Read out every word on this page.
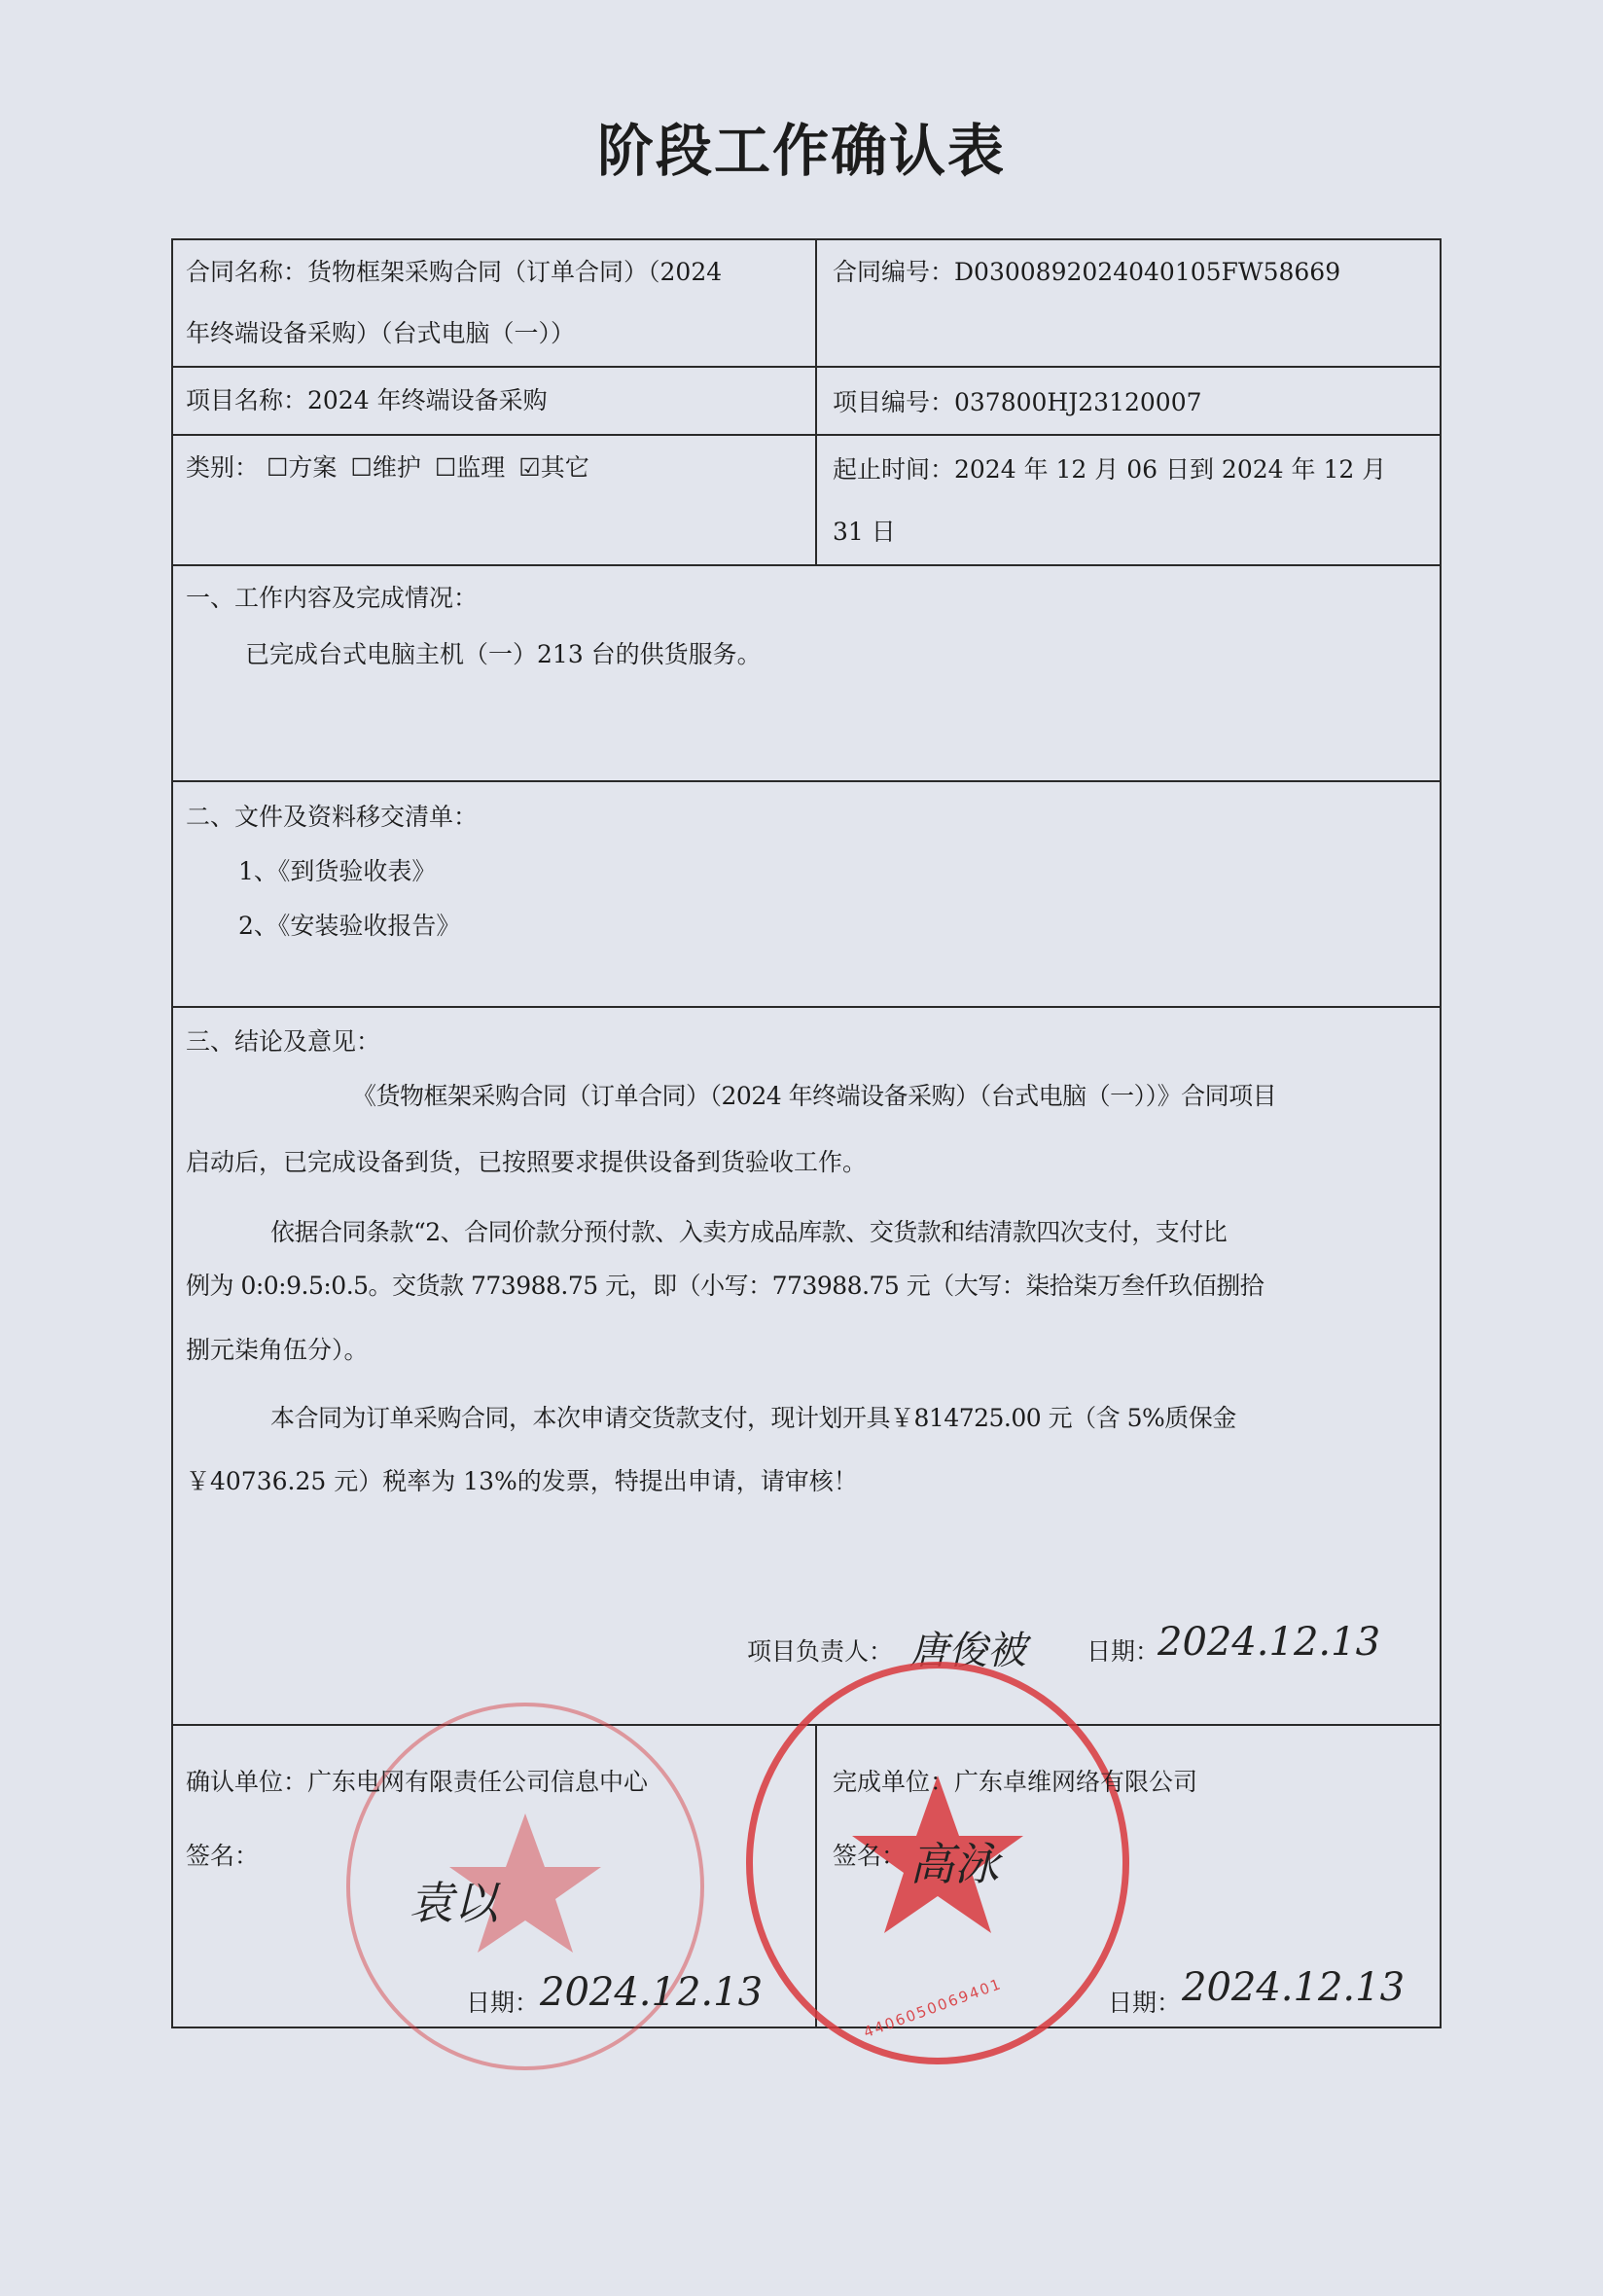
阶段工作确认表
合同名称：货物框架采购合同（订单合同）（2024
年终端设备采购）（台式电脑（一））
合同编号：D0300892024040105FW58669
项目名称：2024 年终端设备采购	项目编号：037800HJ23120007
类别： ☐方案 ☐维护 ☐监理 ☑其它	起止时间：2024 年 12 月 06 日到 2024 年 12 月
31 日
一、工作内容及完成情况：
已完成台式电脑主机（一）213 台的供货服务。
二、文件及资料移交清单：
1、《到货验收表》
2、《安装验收报告》
三、结论及意见：
《货物框架采购合同（订单合同）（2024 年终端设备采购）（台式电脑（一））》合同项目
启动后，已完成设备到货，已按照要求提供设备到货验收工作。
依据合同条款“2、合同价款分预付款、入卖方成品库款、交货款和结清款四次支付，支付比
例为 0:0:9.5:0.5。交货款 773988.75 元，即（小写：773988.75 元（大写：柒拾柒万叁仟玖佰捌拾
捌元柒角伍分）。
本合同为订单采购合同，本次申请交货款支付，现计划开具￥814725.00 元（含 5%质保金
￥40736.25 元）税率为 13%的发票，特提出申请，请审核！
项目负责人： 唐俊被 日期：
2024.12.13
4406050069401
确认单位：广东电网有限责任公司信息中心
签名：
袁以
日期： 2024.12.13
完成单位：广东卓维网络有限公司
签名： 高泳
日期： 2024.12.13
